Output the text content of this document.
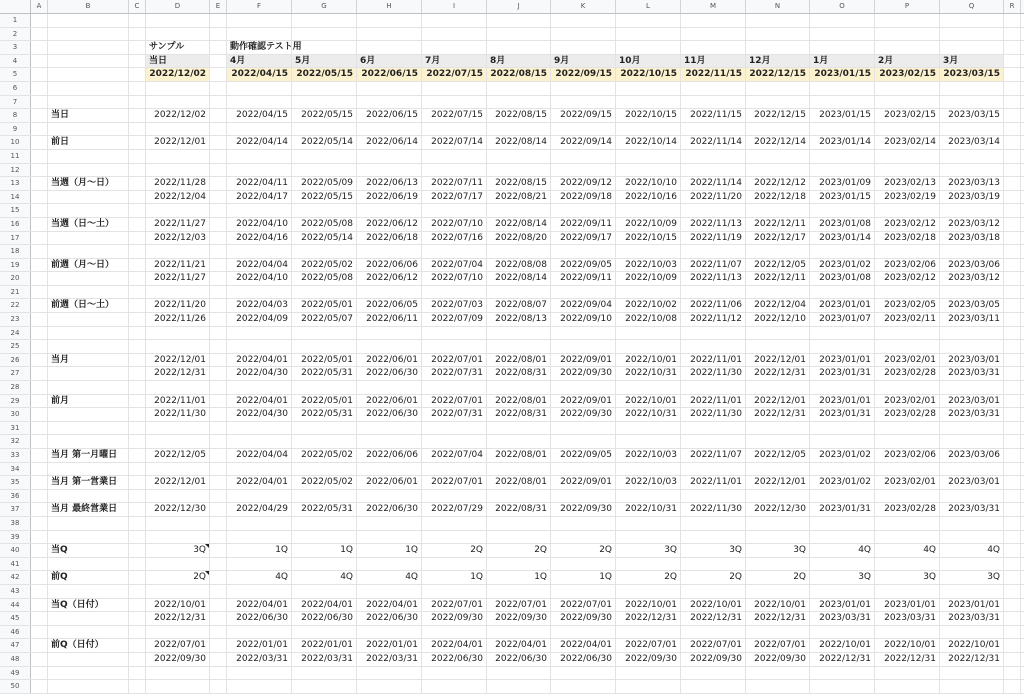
A	B	C	D	E	F	G	H	I	J	K	L	M	N	O	P	Q	R
1
2
3	サンプル	動作確認テスト用
4	当日	4月	5月	6月	7月	8月	9月	10月	11月	12月	1月	2月	3月
5	2022/12/02	2022/04/15 2022/05/15 2022/06/15 2022/07/15 2022/08/15 2022/09/15 2022/10/15 2022/11/15 2022/12/15 2023/01/15 2023/02/15 2023/03/15
6
7
8	当日	2022/12/02	2022/04/15	2022/05/15	2022/06/15	2022/07/15	2022/08/15	2022/09/15	2022/10/15	2022/11/15	2022/12/15	2023/01/15	2023/02/15	2023/03/15
9
10	前日	2022/12/01	2022/04/14	2022/05/14	2022/06/14	2022/07/14	2022/08/14	2022/09/14	2022/10/14	2022/11/14	2022/12/14	2023/01/14	2023/02/14	2023/03/14
11
12
13	当週（月〜日）	2022/11/28	2022/04/11	2022/05/09	2022/06/13	2022/07/11	2022/08/15	2022/09/12	2022/10/10	2022/11/14	2022/12/12	2023/01/09	2023/02/13	2023/03/13
14	2022/12/04	2022/04/17	2022/05/15	2022/06/19	2022/07/17	2022/08/21	2022/09/18	2022/10/16	2022/11/20	2022/12/18	2023/01/15	2023/02/19	2023/03/19
15
16	当週（日〜土）	2022/11/27	2022/04/10	2022/05/08	2022/06/12	2022/07/10	2022/08/14	2022/09/11	2022/10/09	2022/11/13	2022/12/11	2023/01/08	2023/02/12	2023/03/12
17	2022/12/03	2022/04/16	2022/05/14	2022/06/18	2022/07/16	2022/08/20	2022/09/17	2022/10/15	2022/11/19	2022/12/17	2023/01/14	2023/02/18	2023/03/18
18
19	前週（月〜日）	2022/11/21	2022/04/04	2022/05/02	2022/06/06	2022/07/04	2022/08/08	2022/09/05	2022/10/03	2022/11/07	2022/12/05	2023/01/02	2023/02/06	2023/03/06
20	2022/11/27	2022/04/10	2022/05/08	2022/06/12	2022/07/10	2022/08/14	2022/09/11	2022/10/09	2022/11/13	2022/12/11	2023/01/08	2023/02/12	2023/03/12
21
22	前週（日〜土）	2022/11/20	2022/04/03	2022/05/01	2022/06/05	2022/07/03	2022/08/07	2022/09/04	2022/10/02	2022/11/06	2022/12/04	2023/01/01	2023/02/05	2023/03/05
23	2022/11/26	2022/04/09	2022/05/07	2022/06/11	2022/07/09	2022/08/13	2022/09/10	2022/10/08	2022/11/12	2022/12/10	2023/01/07	2023/02/11	2023/03/11
24
25
26	当月	2022/12/01	2022/04/01	2022/05/01	2022/06/01	2022/07/01	2022/08/01	2022/09/01	2022/10/01	2022/11/01	2022/12/01	2023/01/01	2023/02/01	2023/03/01
27	2022/12/31	2022/04/30	2022/05/31	2022/06/30	2022/07/31	2022/08/31	2022/09/30	2022/10/31	2022/11/30	2022/12/31	2023/01/31	2023/02/28	2023/03/31
28
29	前月	2022/11/01	2022/04/01	2022/05/01	2022/06/01	2022/07/01	2022/08/01	2022/09/01	2022/10/01	2022/11/01	2022/12/01	2023/01/01	2023/02/01	2023/03/01
30	2022/11/30	2022/04/30	2022/05/31	2022/06/30	2022/07/31	2022/08/31	2022/09/30	2022/10/31	2022/11/30	2022/12/31	2023/01/31	2023/02/28	2023/03/31
31
32
33	当月 第一月曜日	2022/12/05	2022/04/04	2022/05/02	2022/06/06	2022/07/04	2022/08/01	2022/09/05	2022/10/03	2022/11/07	2022/12/05	2023/01/02	2023/02/06	2023/03/06
34
35	当月 第一営業日	2022/12/01	2022/04/01	2022/05/02	2022/06/01	2022/07/01	2022/08/01	2022/09/01	2022/10/03	2022/11/01	2022/12/01	2023/01/02	2023/02/01	2023/03/01
36
37	当月 最終営業日	2022/12/30	2022/04/29	2022/05/31	2022/06/30	2022/07/29	2022/08/31	2022/09/30	2022/10/31	2022/11/30	2022/12/30	2023/01/31	2023/02/28	2023/03/31
38
39
40	当Q	3Q	1Q	1Q	1Q	2Q	2Q	2Q	3Q	3Q	3Q	4Q	4Q	4Q
41
42	前Q	2Q	4Q	4Q	4Q	1Q	1Q	1Q	2Q	2Q	2Q	3Q	3Q	3Q
43
44	当Q（日付）	2022/10/01	2022/04/01	2022/04/01	2022/04/01	2022/07/01	2022/07/01	2022/07/01	2022/10/01	2022/10/01	2022/10/01	2023/01/01	2023/01/01	2023/01/01
45	2022/12/31	2022/06/30	2022/06/30	2022/06/30	2022/09/30	2022/09/30	2022/09/30	2022/12/31	2022/12/31	2022/12/31	2023/03/31	2023/03/31	2023/03/31
46
47	前Q（日付）	2022/07/01	2022/01/01	2022/01/01	2022/01/01	2022/04/01	2022/04/01	2022/04/01	2022/07/01	2022/07/01	2022/07/01	2022/10/01	2022/10/01	2022/10/01
48	2022/09/30	2022/03/31	2022/03/31	2022/03/31	2022/06/30	2022/06/30	2022/06/30	2022/09/30	2022/09/30	2022/09/30	2022/12/31	2022/12/31	2022/12/31
49
50
